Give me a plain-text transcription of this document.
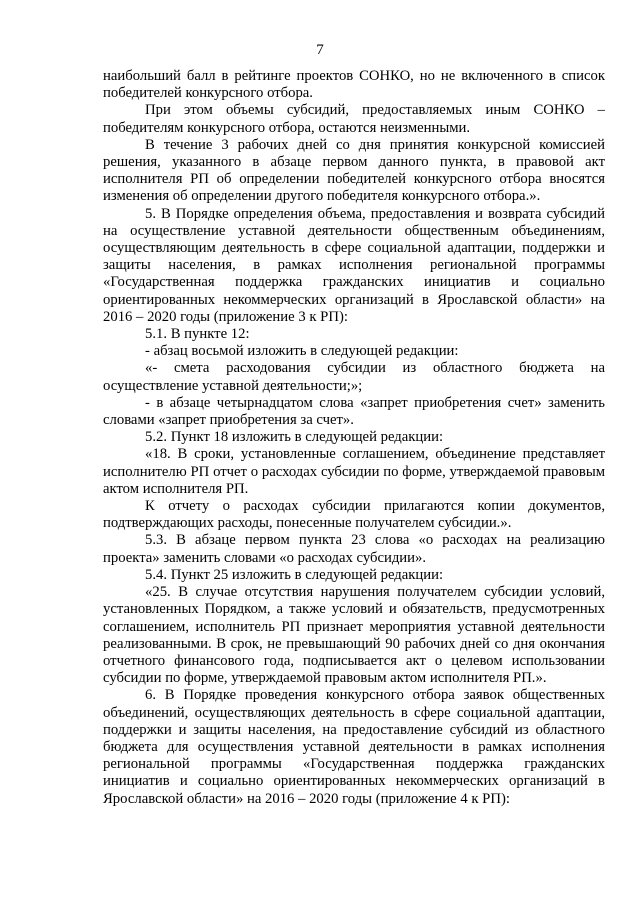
7

наибольший балл в рейтинге проектов СОНКО, но не включенного в список победителей конкурсного отбора.

При этом объемы субсидий, предоставляемых иным СОНКО – победителям конкурсного отбора, остаются неизменными.

В течение 3 рабочих дней со дня принятия конкурсной комиссией решения, указанного в абзаце первом данного пункта, в правовой акт исполнителя РП об определении победителей конкурсного отбора вносятся изменения об определении другого победителя конкурсного отбора.».

5. В Порядке определения объема, предоставления и возврата субсидий на осуществление уставной деятельности общественным объединениям, осуществляющим деятельность в сфере социальной адаптации, поддержки и защиты населения, в рамках исполнения региональной программы «Государственная поддержка гражданских инициатив и социально ориентированных некоммерческих организаций в Ярославской области» на 2016 – 2020 годы (приложение 3 к РП):

5.1. В пункте 12:

- абзац восьмой изложить в следующей редакции:

«- смета расходования субсидии из областного бюджета на осуществление уставной деятельности;»;

- в абзаце четырнадцатом слова «запрет приобретения счет» заменить словами «запрет приобретения за счет».

5.2. Пункт 18 изложить в следующей редакции:

«18. В сроки, установленные соглашением, объединение представляет исполнителю РП отчет о расходах субсидии по форме, утверждаемой правовым актом исполнителя РП.

К отчету о расходах субсидии прилагаются копии документов, подтверждающих расходы, понесенные получателем субсидии.».

5.3. В абзаце первом пункта 23 слова «о расходах на реализацию проекта» заменить словами «о расходах субсидии».

5.4. Пункт 25 изложить в следующей редакции:

«25. В случае отсутствия нарушения получателем субсидии условий, установленных Порядком, а также условий и обязательств, предусмотренных соглашением, исполнитель РП признает мероприятия уставной деятельности реализованными. В срок, не превышающий 90 рабочих дней со дня окончания отчетного финансового года, подписывается акт о целевом использовании субсидии по форме, утверждаемой правовым актом исполнителя РП.».

6. В Порядке проведения конкурсного отбора заявок общественных объединений, осуществляющих деятельность в сфере социальной адаптации, поддержки и защиты населения, на предоставление субсидий из областного бюджета для осуществления уставной деятельности в рамках исполнения региональной программы «Государственная поддержка гражданских инициатив и социально ориентированных некоммерческих организаций в Ярославской области» на 2016 – 2020 годы (приложение 4 к РП):
